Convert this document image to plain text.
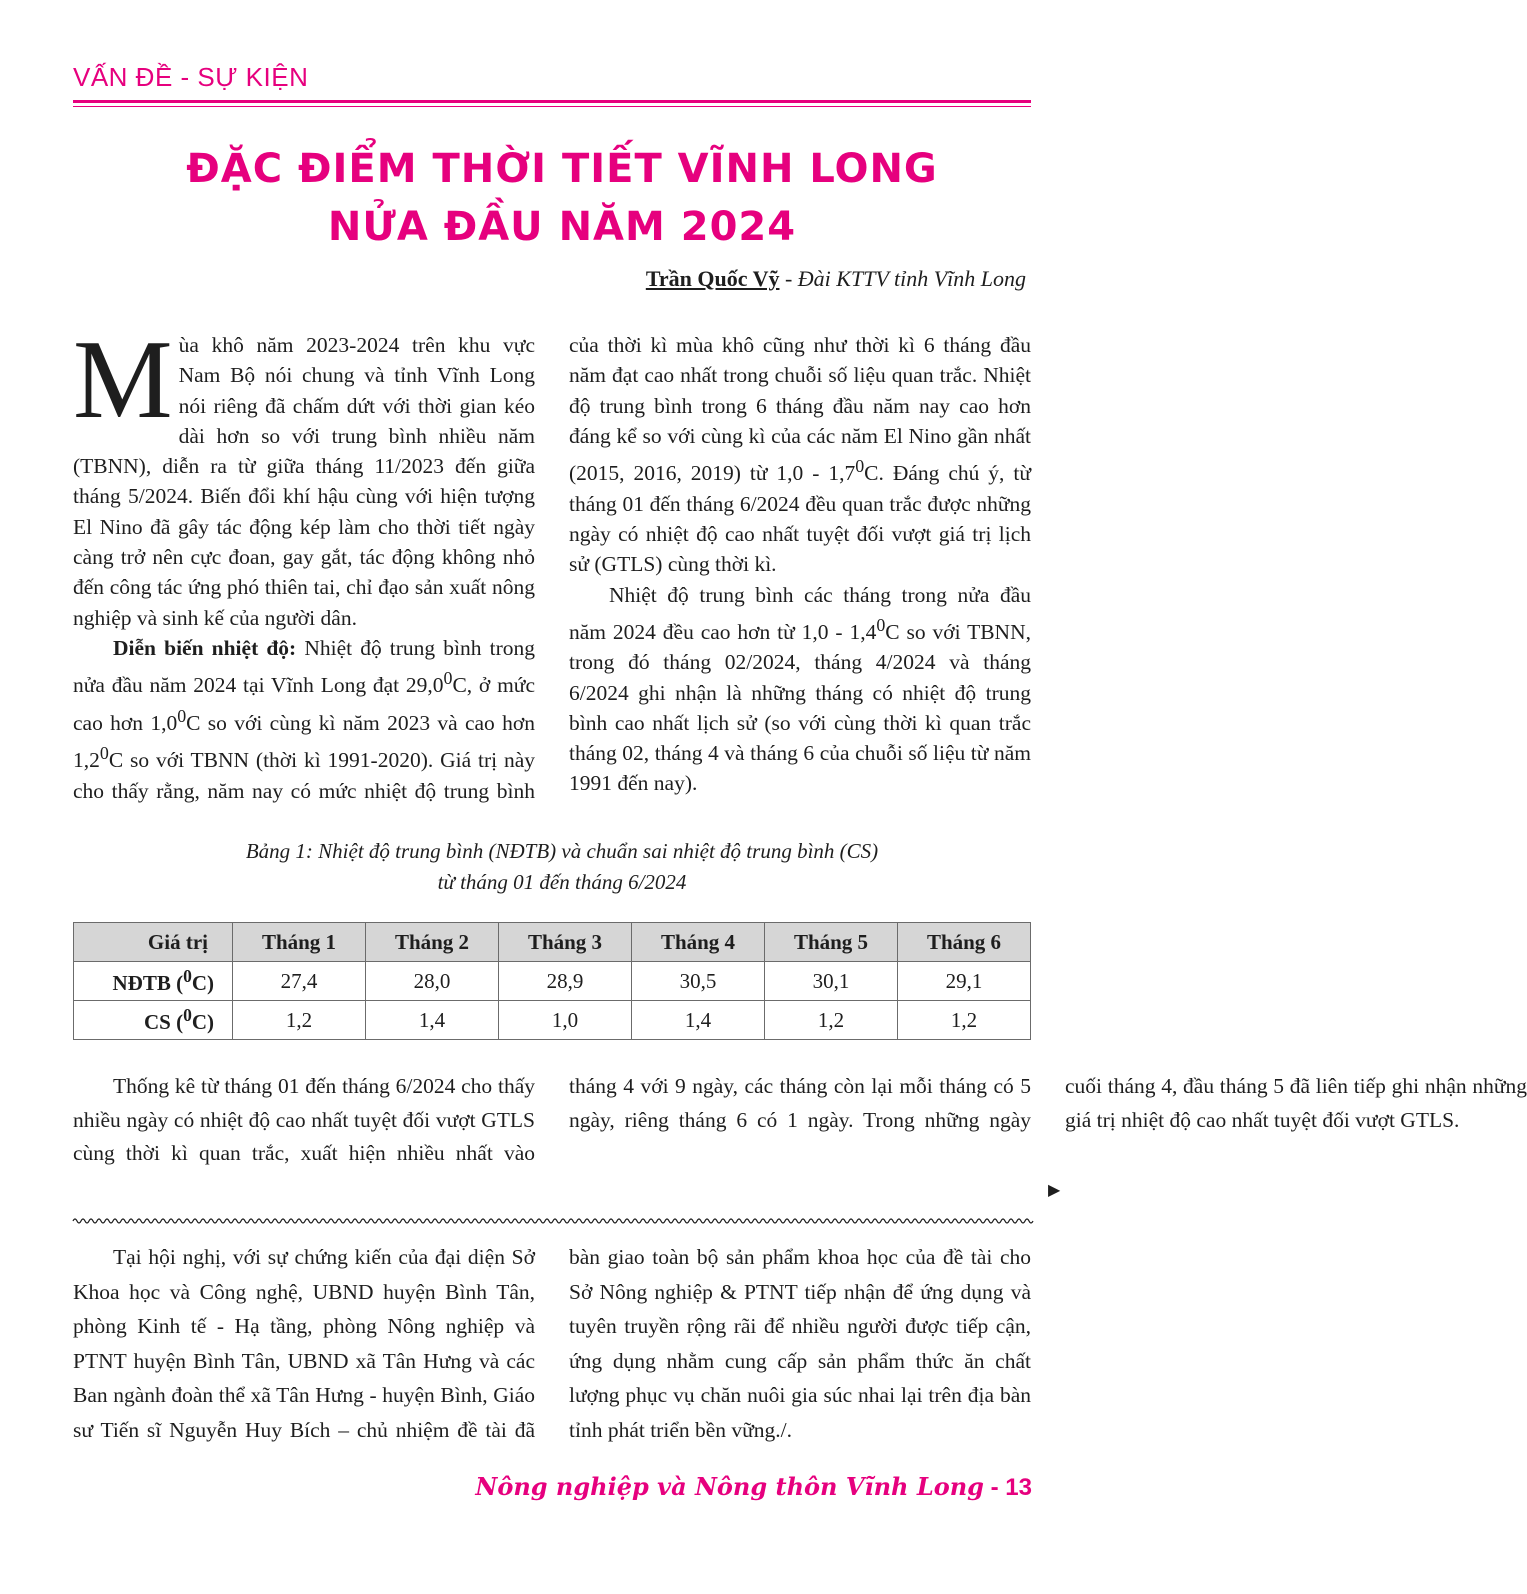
VẤN ĐỀ - SỰ KIỆN
ĐẶC ĐIỂM THỜI TIẾT VĨNH LONG
NỬA ĐẦU NĂM 2024
Trần Quốc Vỹ - Đài KTTV tỉnh Vĩnh Long

Mùa khô năm 2023-2024 trên khu vực Nam Bộ nói chung và tỉnh Vĩnh Long nói riêng đã chấm dứt với thời gian kéo dài hơn so với trung bình nhiều năm (TBNN), diễn ra từ giữa tháng 11/2023 đến giữa tháng 5/2024. Biến đổi khí hậu cùng với hiện tượng El Nino đã gây tác động kép làm cho thời tiết ngày càng trở nên cực đoan, gay gắt, tác động không nhỏ đến công tác ứng phó thiên tai, chỉ đạo sản xuất nông nghiệp và sinh kế của người dân.

Diễn biến nhiệt độ: Nhiệt độ trung bình trong nửa đầu năm 2024 tại Vĩnh Long đạt 29,0$^0$C, ở mức cao hơn $1,0^0C$ so với cùng kì năm 2023 và cao hơn $1,2^0C$ so với TBNN (thời kì 1991-2020). Giá trị này cho thấy rằng, năm nay có mức nhiệt độ trung bình của thời kì mùa khô cũng như thời kì 6 tháng đầu năm đạt cao nhất trong chuỗi số liệu quan trắc. Nhiệt độ trung bình trong 6 tháng đầu năm nay cao hơn đáng kể so với cùng kì của các năm El Nino gần nhất (2015, 2016, 2019) từ $1,0 - 1,7^0C$. Đáng chú ý, từ tháng 01 đến tháng 6/2024 đều quan trắc được những ngày có nhiệt độ cao nhất tuyệt đối vượt giá trị lịch sử (GTLS) cùng thời kì.

Nhiệt độ trung bình các tháng trong nửa đầu năm 2024 đều cao hơn từ $1,0 - 1,4^0C$ so với TBNN, trong đó tháng 02/2024, tháng 4/2024 và tháng 6/2024 ghi nhận là những tháng có nhiệt độ trung bình cao nhất lịch sử (so với cùng thời kì quan trắc tháng 02, tháng 4 và tháng 6 của chuỗi số liệu từ năm 1991 đến nay).

Bảng 1: Nhiệt độ trung bình (NĐTB) và chuẩn sai nhiệt độ trung bình (CS)
từ tháng 01 đến tháng 6/2024
Giá trị	Tháng 1	Tháng 2	Tháng 3	Tháng 4	Tháng 5	Tháng 6
NĐTB ($^0$C)	27,4	28,0	28,9	30,5	30,1	29,1
CS ($^0$C)	1,2	1,4	1,0	1,4	1,2	1,2

Thống kê từ tháng 01 đến tháng 6/2024 cho thấy nhiều ngày có nhiệt độ cao nhất tuyệt đối vượt GTLS cùng thời kì quan trắc, xuất hiện nhiều nhất vào tháng 4 với 9 ngày, các tháng còn lại mỗi tháng có 5 ngày, riêng tháng 6 có 1 ngày. Trong những ngày cuối tháng 4, đầu tháng 5 đã liên tiếp ghi nhận những giá trị nhiệt độ cao nhất tuyệt đối vượt GTLS.

▶

Tại hội nghị, với sự chứng kiến của đại diện Sở Khoa học và Công nghệ, UBND huyện Bình Tân, phòng Kinh tế - Hạ tầng, phòng Nông nghiệp và PTNT huyện Bình Tân, UBND xã Tân Hưng và các Ban ngành đoàn thể xã Tân Hưng - huyện Bình, Giáo sư Tiến sĩ Nguyễn Huy Bích – chủ nhiệm đề tài đã bàn giao toàn bộ sản phẩm khoa học của đề tài cho Sở Nông nghiệp & PTNT tiếp nhận để ứng dụng và tuyên truyền rộng rãi để nhiều người được tiếp cận, ứng dụng nhằm cung cấp sản phẩm thức ăn chất lượng phục vụ chăn nuôi gia súc nhai lại trên địa bàn tỉnh phát triển bền vững./.

Nông nghiệp và Nông thôn Vĩnh Long - 13
